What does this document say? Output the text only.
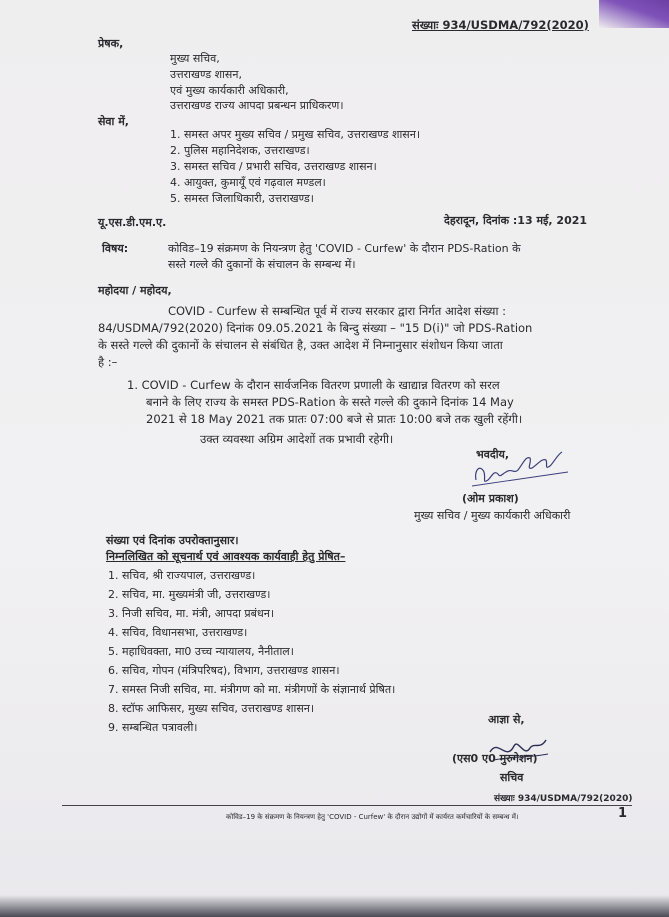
संख्याः 934/USDMA/792(2020)
प्रेषक,
मुख्य सचिव,
उत्तराखण्ड शासन,
एवं मुख्य कार्यकारी अधिकारी,
उत्तराखण्ड राज्य आपदा प्रबन्धन प्राधिकरण।
सेवा में,
1. समस्त अपर मुख्य सचिव / प्रमुख सचिव, उत्तराखण्ड शासन।
2. पुलिस महानिदेशक, उत्तराखण्ड।
3. समस्त सचिव / प्रभारी सचिव, उत्तराखण्ड शासन।
4. आयुक्त, कुमायूँ एवं गढ़वाल मण्डल।
5. समस्त जिलाधिकारी, उत्तराखण्ड।
यू.एस.डी.एम.ए.	देहरादून, दिनांक :13 मई, 2021
विषय:	कोविड–19 संक्रमण के नियन्त्रण हेतु 'COVID - Curfew' के दौरान PDS-Ration के
सस्ते गल्ले की दुकानों के संचालन के सम्बन्ध में।
महोदया / महोदय,
COVID - Curfew से सम्बन्धित पूर्व में राज्य सरकार द्वारा निर्गत आदेश संख्या :
84/USDMA/792(2020) दिनांक 09.05.2021 के बिन्दु संख्या – "15 D(i)" जो PDS-Ration
के सस्ते गल्ले की दुकानों के संचालन से संबंधित है, उक्त आदेश में निम्नानुसार संशोधन किया जाता
है :–
1. COVID - Curfew के दौरान सार्वजनिक वितरण प्रणाली के खाद्यान्न वितरण को सरल
बनाने के लिए राज्य के समस्त PDS-Ration के सस्ते गल्ले की दुकाने दिनांक 14 May
2021 से 18 May 2021 तक प्रातः 07:00 बजे से प्रातः 10:00 बजे तक खुली रहेंगी।
उक्त व्यवस्था अग्रिम आदेशों तक प्रभावी रहेगी।
भवदीय,
(ओम प्रकाश)
मुख्य सचिव / मुख्य कार्यकारी अधिकारी
संख्या एवं दिनांक उपरोक्तानुसार।
निम्नलिखित को सूचनार्थ एवं आवश्यक कार्यवाही हेतु प्रेषित–
1. सचिव, श्री राज्यपाल, उत्तराखण्ड।
2. सचिव, मा. मुख्यमंत्री जी, उत्तराखण्ड।
3. निजी सचिव, मा. मंत्री, आपदा प्रबंधन।
4. सचिव, विधानसभा, उत्तराखण्ड।
5. महाधिवक्ता, मा0 उच्च न्यायालय, नैनीताल।
6. सचिव, गोपन (मंत्रिपरिषद), विभाग, उत्तराखण्ड शासन।
7. समस्त निजी सचिव, मा. मंत्रीगण को मा. मंत्रीगणों के संज्ञानार्थ प्रेषित।
8. स्टॉफ आफिसर, मुख्य सचिव, उत्तराखण्ड शासन।
9. सम्बन्धित पत्रावली।
आज्ञा से,
(एस0 ए0 मुरुगेशन)
सचिव
संख्याः 934/USDMA/792(2020)
कोविड–19 के संक्रमण के नियन्त्रण हेतु 'COVID - Curfew' के दौरान उद्योगों में कार्यरत कर्मचारियों के सम्बन्ध में।	1
